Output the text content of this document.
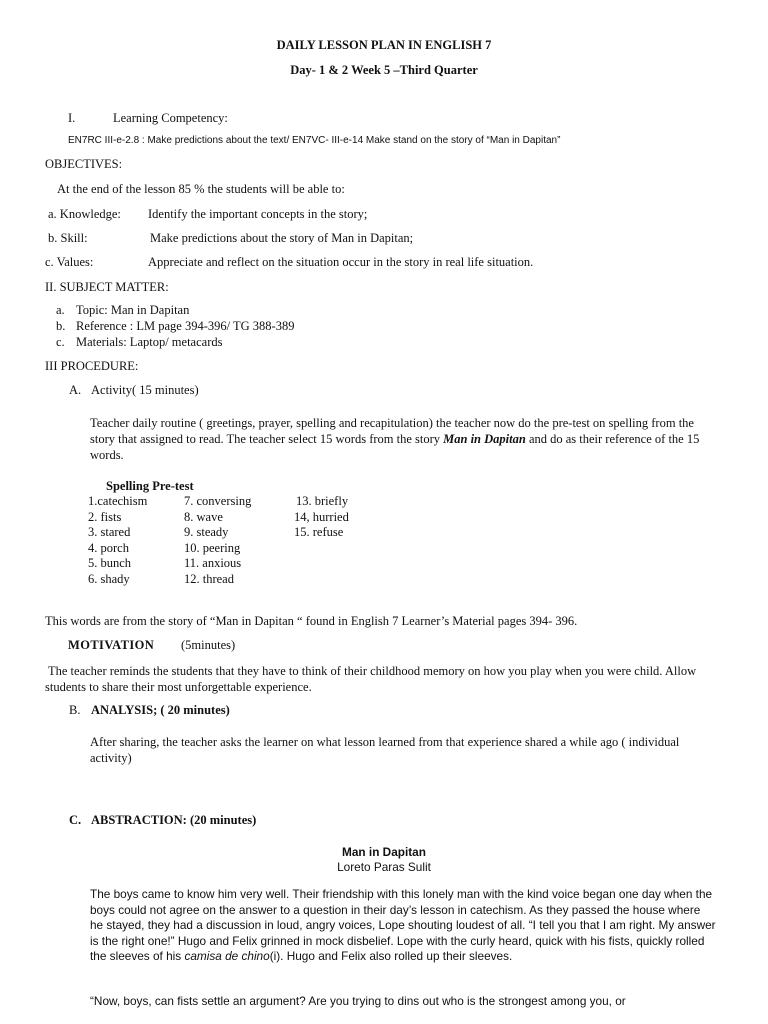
DAILY LESSON PLAN IN ENGLISH 7
Day- 1 & 2 Week 5 –Third Quarter
I.	Learning Competency:
EN7RC III-e-2.8 : Make predictions about the text/ EN7VC- III-e-14 Make stand on the story of “Man in Dapitan”
OBJECTIVES:
At the end of the lesson 85 % the students will be able to:
a. Knowledge: Identify the important concepts in the story;
b. Skill:	Make predictions about the story of Man in Dapitan;
c. Values:	Appreciate and reflect on the situation occur in the story in real life situation.
II. SUBJECT MATTER:
a. Topic: Man in Dapitan
b. Reference : LM page 394-396/ TG 388-389
c. Materials: Laptop/ metacards
III PROCEDURE:
A. Activity( 15 minutes)
Teacher daily routine ( greetings, prayer, spelling and recapitulation) the teacher now do the pre-test on spelling from the story that assigned to read. The teacher select 15 words from the story Man in Dapitan and do as their reference of the 15 words.
Spelling Pre-test
1.catechism
2. fists
3. stared
4. porch
5. bunch
6. shady
7. conversing
8. wave
9. steady
10. peering
11. anxious
12. thread
13. briefly
14, hurried
15. refuse
This words are from the story of “Man in Dapitan “ found in English 7 Learner’s Material pages 394- 396.
MOTIVATION (5minutes)
The teacher reminds the students that they have to think of their childhood memory on how you play when you were child. Allow students to share their most unforgettable experience.
B. ANALYSIS; ( 20 minutes)
After sharing, the teacher asks the learner on what lesson learned from that experience shared a while ago ( individual activity)
C. ABSTRACTION: (20 minutes)
Man in Dapitan
Loreto Paras Sulit
The boys came to know him very well. Their friendship with this lonely man with the kind voice began one day when the boys could not agree on the answer to a question in their day’s lesson in catechism. As they passed the house where he stayed, they had a discussion in loud, angry voices, Lope shouting loudest of all. “I tell you that I am right. My answer is the right one!” Hugo and Felix grinned in mock disbelief. Lope with the curly heard, quick with his fists, quickly rolled the sleeves of his camisa de chino(i). Hugo and Felix also rolled up their sleeves.
“Now, boys, can fists settle an argument? Are you trying to dins out who is the strongest among you, or
